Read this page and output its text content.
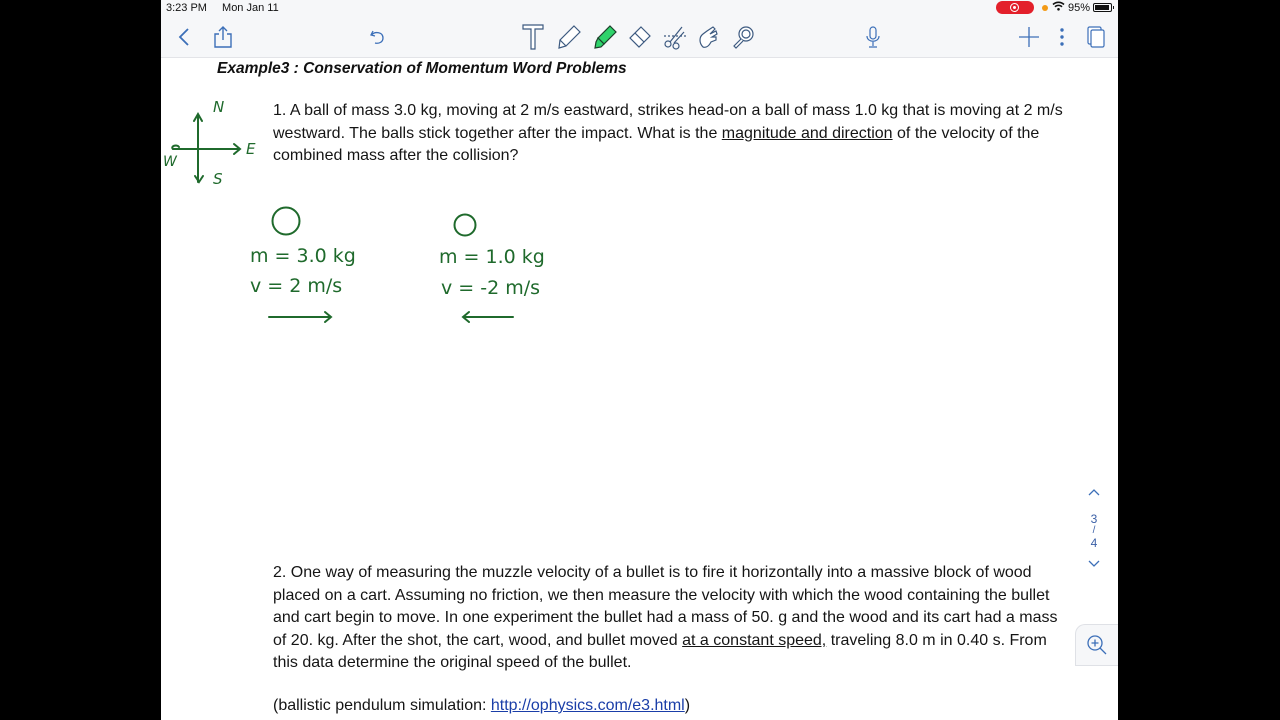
3:23 PM Mon Jan 11	95%
Example3 : Conservation of Momentum Word Problems
N
E
W
S
1. A ball of mass 3.0 kg, moving at 2 m/s eastward, strikes head-on a ball of mass 1.0 kg that is moving at 2 m/s westward. The balls stick together after the impact. What is the magnitude and direction of the velocity of the combined mass after the collision?
m = 3.0 kg
v = 2 m/s
m = 1.0 kg
v = -2 m/s
2. One way of measuring the muzzle velocity of a bullet is to fire it horizontally into a massive block of wood placed on a cart. Assuming no friction, we then measure the velocity with which the wood containing the bullet and cart begin to move. In one experiment the bullet had a mass of 50. g and the wood and its cart had a mass of 20. kg. After the shot, the cart, wood, and bullet moved at a constant speed, traveling 8.0 m in 0.40 s. From this data determine the original speed of the bullet.
(ballistic pendulum simulation: http://ophysics.com/e3.html)
3
/
4
